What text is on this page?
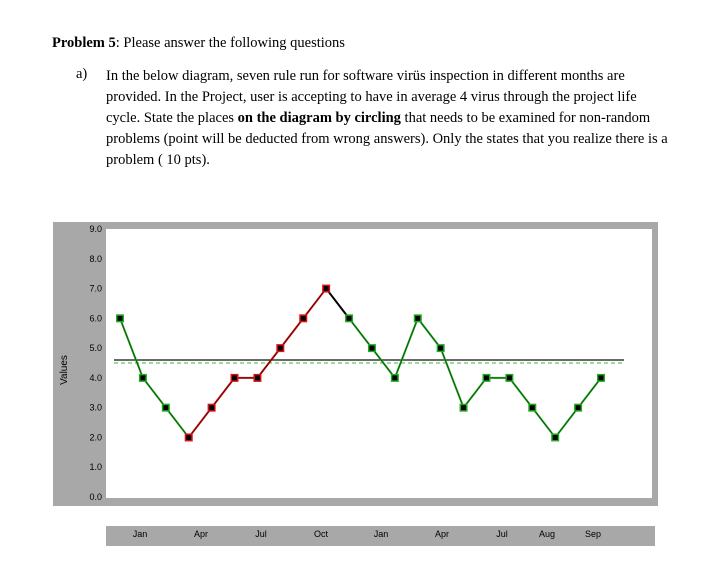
Problem 5: Please answer the following questions

a)	In the below diagram, seven rule run for software virüs inspection in different months are provided. In the Project, user is accepting to have in average 4 virus through the project life cycle. State the places on the diagram by circling that needs to be examined for non-random problems (point will be deducted from wrong answers). Only the states that you realize there is a problem ( 10 pts).
Values
0.0
1.0
2.0
3.0
4.0
5.0
6.0
7.0
8.0
9.0
Jan	Apr	Jul	Oct	Jan	Apr	Jul	Aug	Sep
